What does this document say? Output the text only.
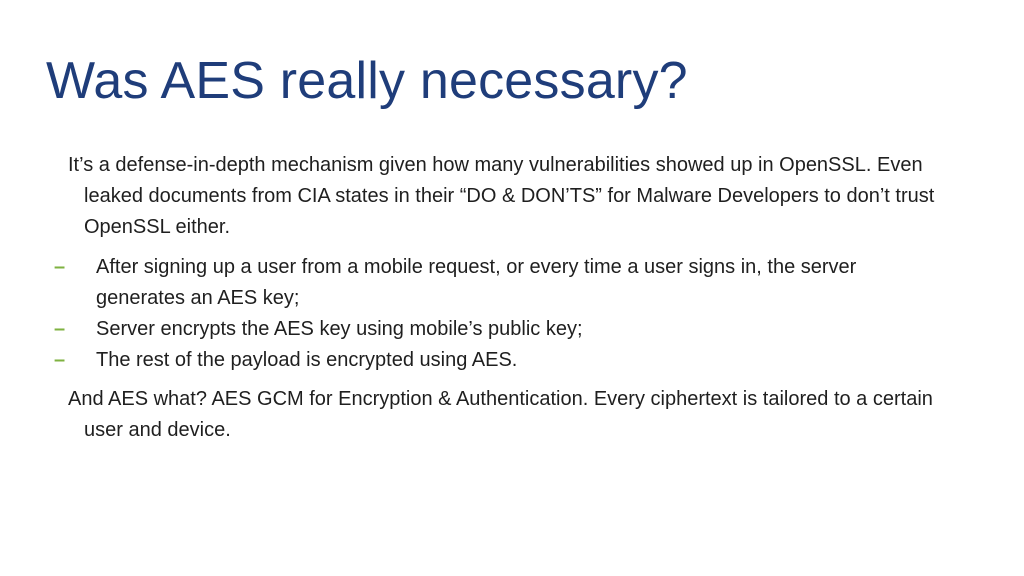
Was AES really necessary?

It’s a defense-in-depth mechanism given how many vulnerabilities showed up in OpenSSL. Even leaked documents from CIA states in their “DO & DON’TS” for Malware Developers to don’t trust OpenSSL either.

–	After signing up a user from a mobile request, or every time a user signs in, the server generates an AES key;
–	Server encrypts the AES key using mobile’s public key;
–	The rest of the payload is encrypted using AES.

And AES what? AES GCM for Encryption & Authentication. Every ciphertext is tailored to a certain user and device.
